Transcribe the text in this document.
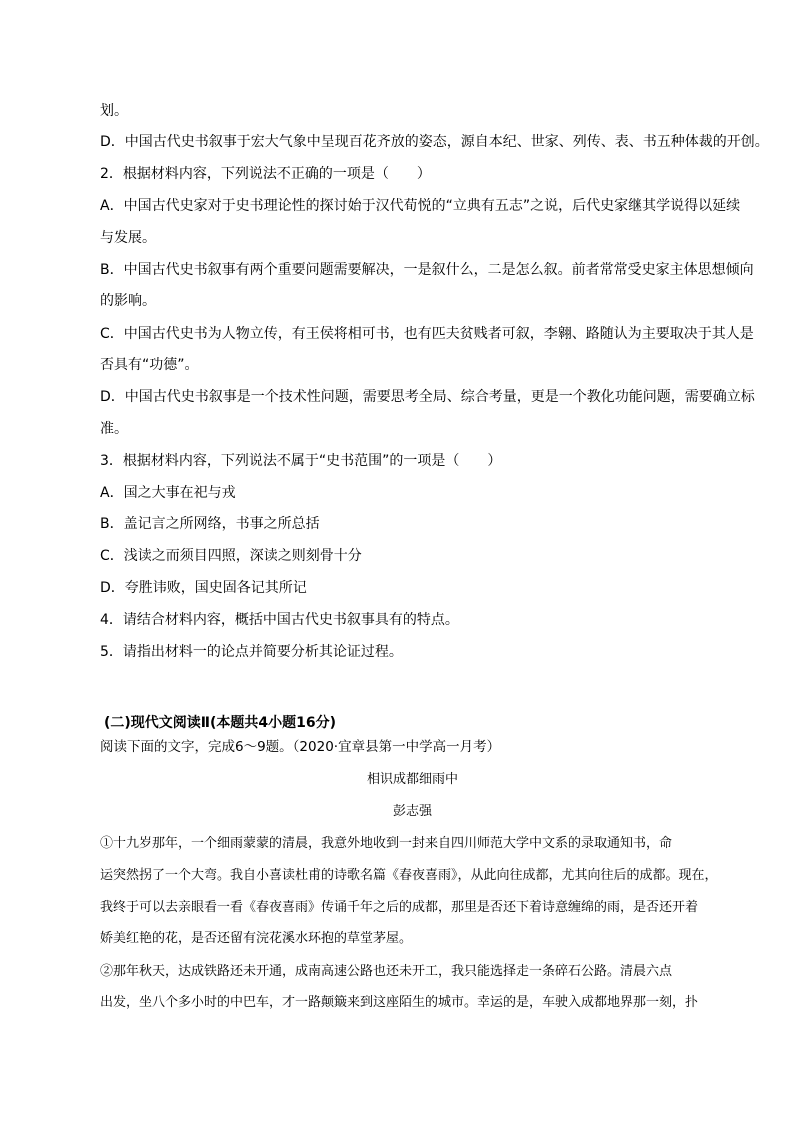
划。
D．中国古代史书叙事于宏大气象中呈现百花齐放的姿态，源自本纪、世家、列传、表、书五种体裁的开创。
2．根据材料内容，下列说法不正确的一项是（　　）
A．中国古代史家对于史书理论性的探讨始于汉代荀悦的“立典有五志”之说，后代史家继其学说得以延续
与发展。
B．中国古代史书叙事有两个重要问题需要解决，一是叙什么，二是怎么叙。前者常常受史家主体思想倾向
的影响。
C．中国古代史书为人物立传，有王侯将相可书，也有匹夫贫贱者可叙，李翱、路随认为主要取决于其人是
否具有“功德”。
D．中国古代史书叙事是一个技术性问题，需要思考全局、综合考量，更是一个教化功能问题，需要确立标
准。
3．根据材料内容，下列说法不属于“史书范围”的一项是（　　）
A．国之大事在祀与戎
B．盖记言之所网络，书事之所总括
C．浅读之而须目四照，深读之则刻骨十分
D．夸胜讳败，国史固各记其所记
4．请结合材料内容，概括中国古代史书叙事具有的特点。
5．请指出材料一的论点并简要分析其论证过程。
(二)现代文阅读Ⅱ(本题共4小题16分)
阅读下面的文字，完成6～9题。（2020·宜章县第一中学高一月考）
相识成都细雨中
彭志强
①十九岁那年，一个细雨蒙蒙的清晨，我意外地收到一封来自四川师范大学中文系的录取通知书，命
运突然拐了一个大弯。我自小喜读杜甫的诗歌名篇《春夜喜雨》，从此向往成都，尤其向往后的成都。现在，
我终于可以去亲眼看一看《春夜喜雨》传诵千年之后的成都，那里是否还下着诗意缠绵的雨，是否还开着
娇美红艳的花，是否还留有浣花溪水环抱的草堂茅屋。
②那年秋天，达成铁路还未开通，成南高速公路也还未开工，我只能选择走一条碎石公路。清晨六点
出发，坐八个多小时的中巴车，才一路颠簸来到这座陌生的城市。幸运的是，车驶入成都地界那一刻，扑
